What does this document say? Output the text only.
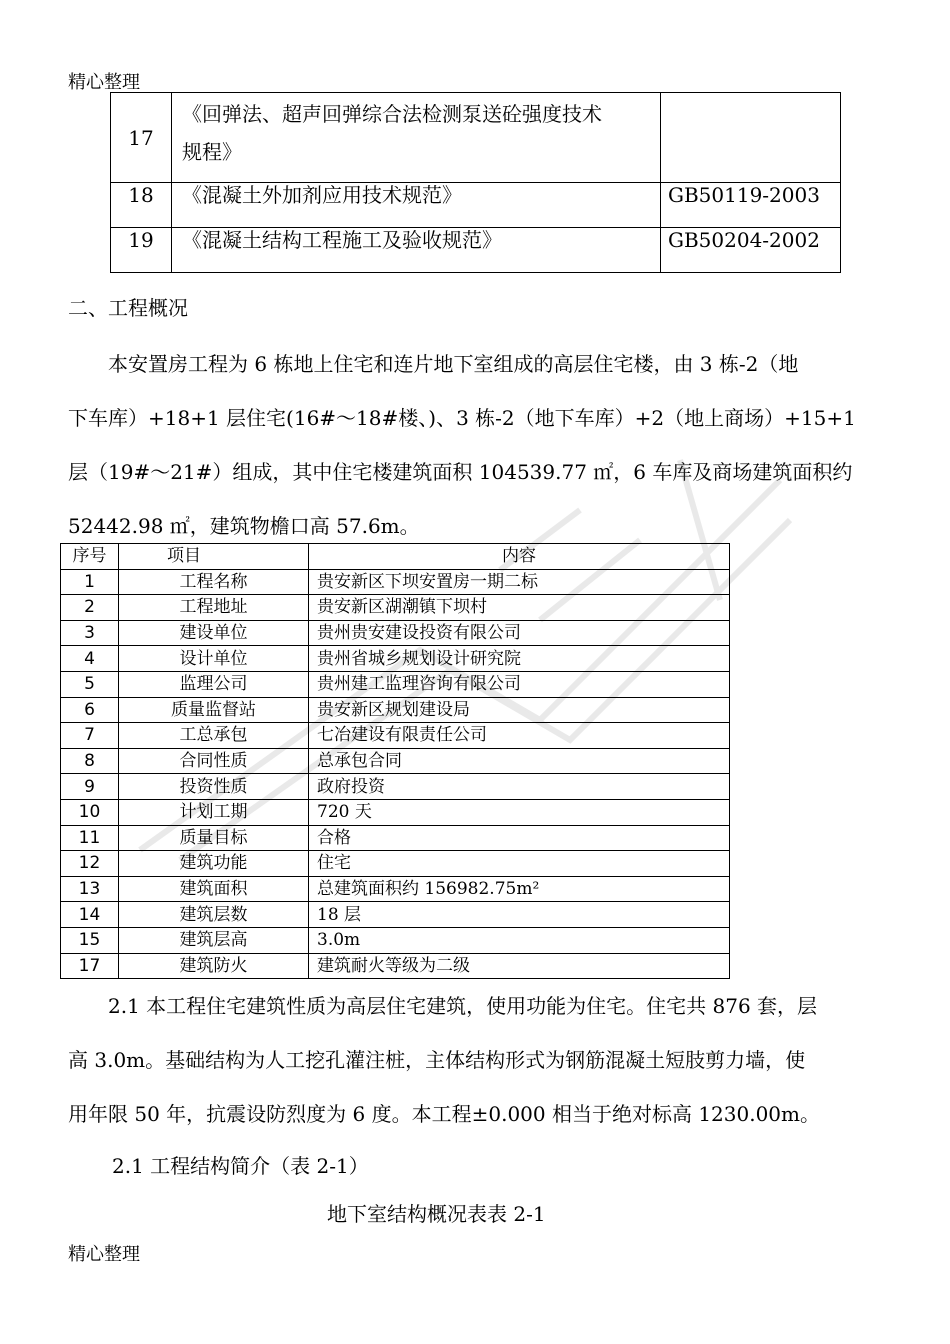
精心整理
17	《回弹法、超声回弹综合法检测泵送砼强度技术
规程》	

18	《混凝土外加剂应用技术规范》	GB50119-2003
19	《混凝土结构工程施工及验收规范》	GB50204-2002
二、工程概况
本安置房工程为 6 栋地上住宅和连片地下室组成的高层住宅楼，由 3 栋-2（地
下车库）+18+1 层住宅(16#～18#楼、)、3 栋-2（地下车库）+2（地上商场）+15+1
层（19#～21#）组成，其中住宅楼建筑面积 104539.77 ㎡，6 车库及商场建筑面积约
52442.98 ㎡，建筑物檐口高 57.6m。
序号	项目	内容
1	工程名称	贵安新区下坝安置房一期二标
2	工程地址	贵安新区湖潮镇下坝村
3	建设单位	贵州贵安建设投资有限公司
4	设计单位	贵州省城乡规划设计研究院
5	监理公司	贵州建工监理咨询有限公司
6	质量监督站	贵安新区规划建设局
7	工总承包	七冶建设有限责任公司
8	合同性质	总承包合同
9	投资性质	政府投资
10	计划工期	720 天
11	质量目标	合格
12	建筑功能	住宅
13	建筑面积	总建筑面积约 156982.75m²
14	建筑层数	18 层
15	建筑层高	3.0m
17	建筑防火	建筑耐火等级为二级
2.1 本工程住宅建筑性质为高层住宅建筑，使用功能为住宅。住宅共 876 套，层
高 3.0m。基础结构为人工挖孔灌注桩，主体结构形式为钢筋混凝土短肢剪力墙，使
用年限 50 年，抗震设防烈度为 6 度。本工程±0.000 相当于绝对标高 1230.00m。
2.1 工程结构简介（表 2-1）
地下室结构概况表表 2-1
精心整理
